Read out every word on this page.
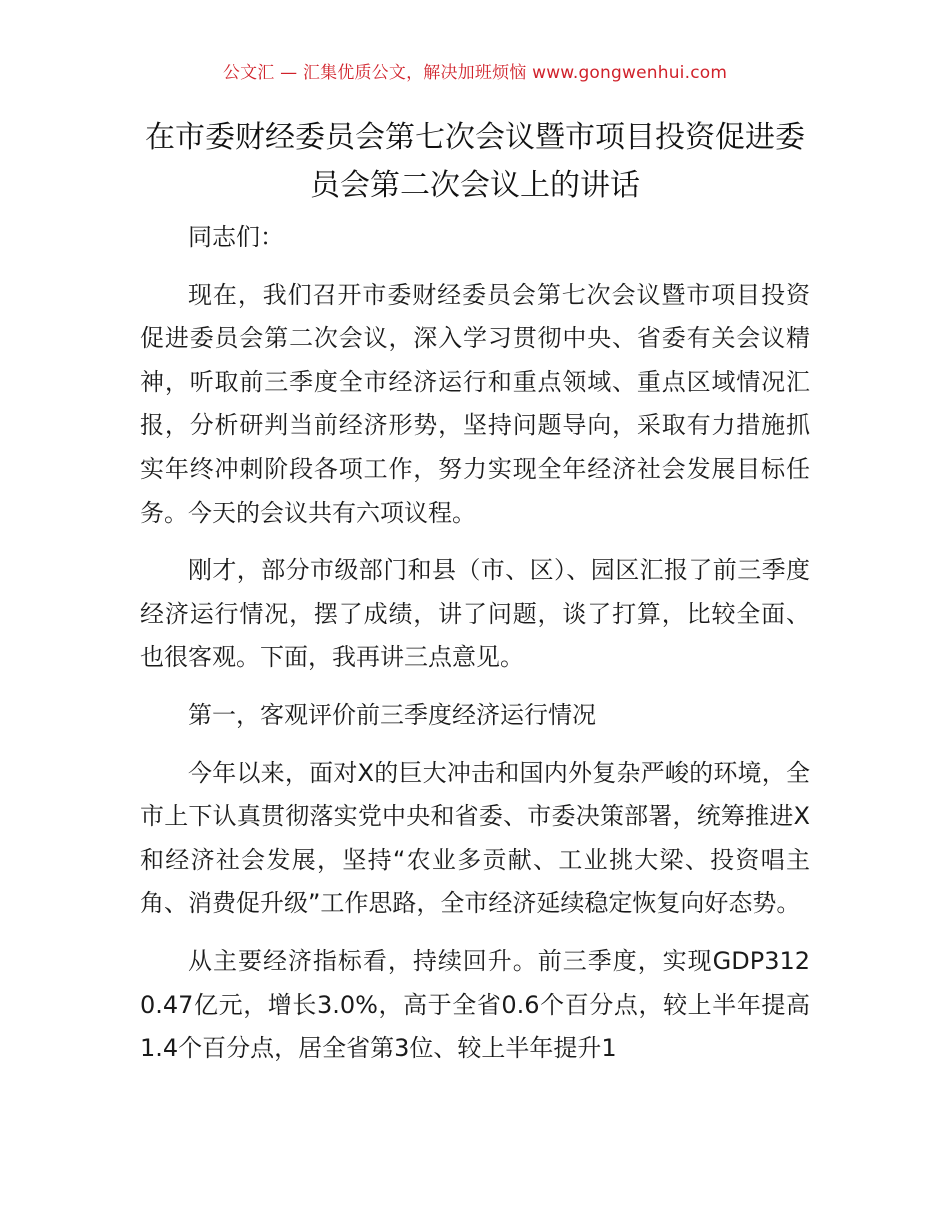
公文汇 — 汇集优质公文，解决加班烦恼 www.gongwenhui.com
在市委财经委员会第七次会议暨市项目投资促进委员会第二次会议上的讲话

同志们：

现在，我们召开市委财经委员会第七次会议暨市项目投资促进委员会第二次会议，深入学习贯彻中央、省委有关会议精神，听取前三季度全市经济运行和重点领域、重点区域情况汇报，分析研判当前经济形势，坚持问题导向，采取有力措施抓实年终冲刺阶段各项工作，努力实现全年经济社会发展目标任务。今天的会议共有六项议程。

刚才，部分市级部门和县（市、区）、园区汇报了前三季度经济运行情况，摆了成绩，讲了问题，谈了打算，比较全面、也很客观。下面，我再讲三点意见。

第一，客观评价前三季度经济运行情况

今年以来，面对X的巨大冲击和国内外复杂严峻的环境，全市上下认真贯彻落实党中央和省委、市委决策部署，统筹推进X和经济社会发展，坚持“农业多贡献、工业挑大梁、投资唱主角、消费促升级”工作思路，全市经济延续稳定恢复向好态势。

从主要经济指标看，持续回升。前三季度，实现GDP3120.47亿元，增长3.0%，高于全省0.6个百分点，较上半年提高1.4个百分点，居全省第3位、较上半年提升1
